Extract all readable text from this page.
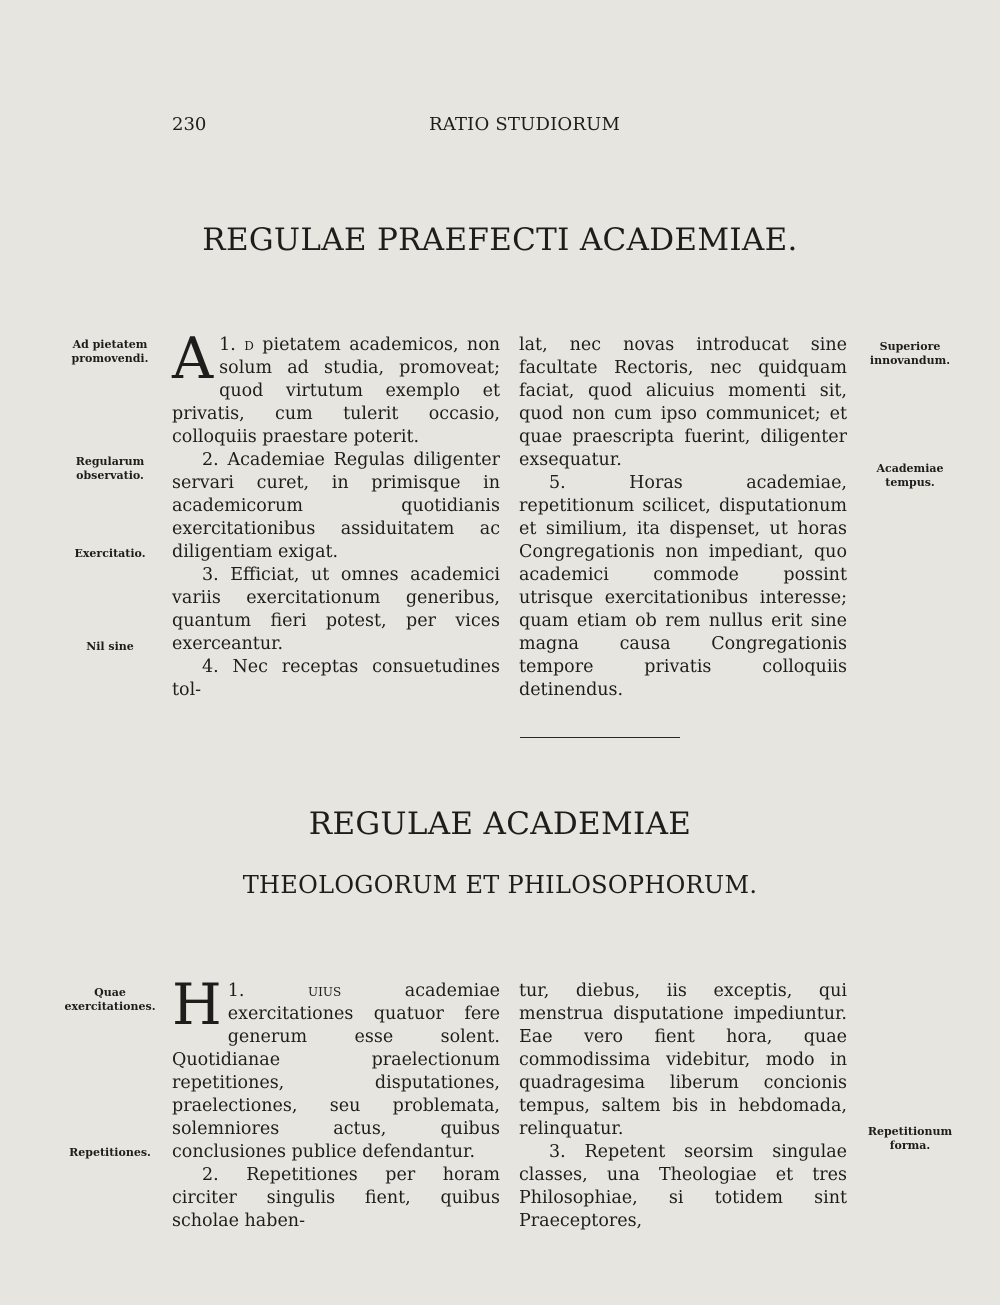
230	RATIO STUDIORUM
REGULAE PRAEFECTI ACADEMIAE.
Ad pietatem promovendi.
Regularum observatio.
Exercitatio.
Nil sine
Superiore innovandum.
Academiae tempus.

1.
A d pietatem academicos, non solum ad studia, promoveat; quod virtutum exemplo et privatis, cum tulerit occasio, colloquiis praestare poterit.

2. Academiae Regulas diligenter servari curet, in primisque in academicorum quotidianis exercitationibus assiduitatem ac diligentiam exigat.

3. Efficiat, ut omnes academici variis exercitationum generibus, quantum fieri potest, per vices exerceantur.

4. Nec receptas consuetudines tol-

lat, nec novas introducat sine facultate Rectoris, nec quidquam faciat, quod alicuius momenti sit, quod non cum ipso communicet; et quae praescripta fuerint, diligenter exsequatur.

5. Horas academiae, repetitionum scilicet, disputationum et similium, ita dispenset, ut horas Congregationis non impediant, quo academici commode possint utrisque exercitationibus interesse; quam etiam ob rem nullus erit sine magna causa Congregationis tempore privatis colloquiis detinendus.

REGULAE ACADEMIAE
THEOLOGORUM ET PHILOSOPHORUM.
Quae exercitationes.
Repetitiones.
Repetitionum forma.

1.
H	uius academiae exercitationes quatuor fere generum esse solent. Quotidianae praelectionum repetitiones, disputationes, praelectiones, seu problemata, solemniores actus, quibus conclusiones publice defendantur.

2. Repetitiones per horam circiter singulis fient, quibus scholae haben-

tur, diebus, iis exceptis, qui menstrua disputatione impediuntur. Eae vero fient hora, quae commodissima videbitur, modo in quadragesima liberum concionis tempus, saltem bis in hebdomada, relinquatur.

3. Repetent seorsim singulae classes, una Theologiae et tres Philosophiae, si totidem sint Praeceptores,
